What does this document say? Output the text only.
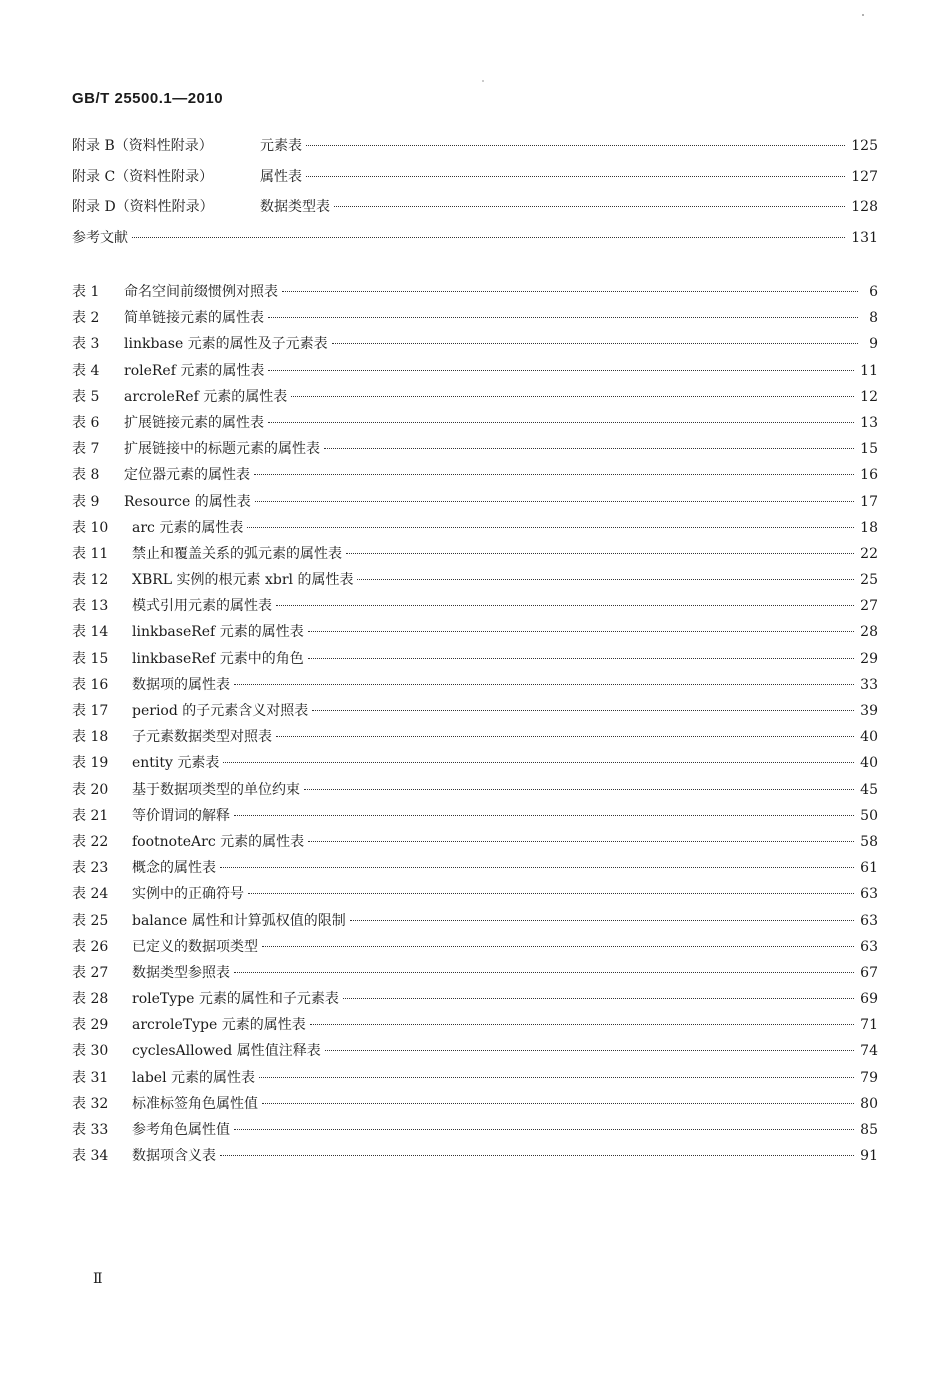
GB/T 25500.1—2010
附录 B（资料性附录）	元素表	125
附录 C（资料性附录）	属性表	127
附录 D（资料性附录）	数据类型表	128
参考文献	131
表 1 命名空间前缀惯例对照表	6
表 2 简单链接元素的属性表	8
表 3 linkbase 元素的属性及子元素表	9
表 4 roleRef 元素的属性表	11
表 5 arcroleRef 元素的属性表	12
表 6 扩展链接元素的属性表	13
表 7 扩展链接中的标题元素的属性表	15
表 8 定位器元素的属性表	16
表 9 Resource 的属性表	17
表 10 arc 元素的属性表	18
表 11 禁止和覆盖关系的弧元素的属性表	22
表 12 XBRL 实例的根元素 xbrl 的属性表	25
表 13 模式引用元素的属性表	27
表 14 linkbaseRef 元素的属性表	28
表 15 linkbaseRef 元素中的角色	29
表 16 数据项的属性表	33
表 17 period 的子元素含义对照表	39
表 18 子元素数据类型对照表	40
表 19 entity 元素表	40
表 20 基于数据项类型的单位约束	45
表 21 等价谓词的解释	50
表 22 footnoteArc 元素的属性表	58
表 23 概念的属性表	61
表 24 实例中的正确符号	63
表 25 balance 属性和计算弧权值的限制	63
表 26 已定义的数据项类型	63
表 27 数据类型参照表	67
表 28 roleType 元素的属性和子元素表	69
表 29 arcroleType 元素的属性表	71
表 30 cyclesAllowed 属性值注释表	74
表 31 label 元素的属性表	79
表 32 标准标签角色属性值	80
表 33 参考角色属性值	85
表 34 数据项含义表	91
Ⅱ
